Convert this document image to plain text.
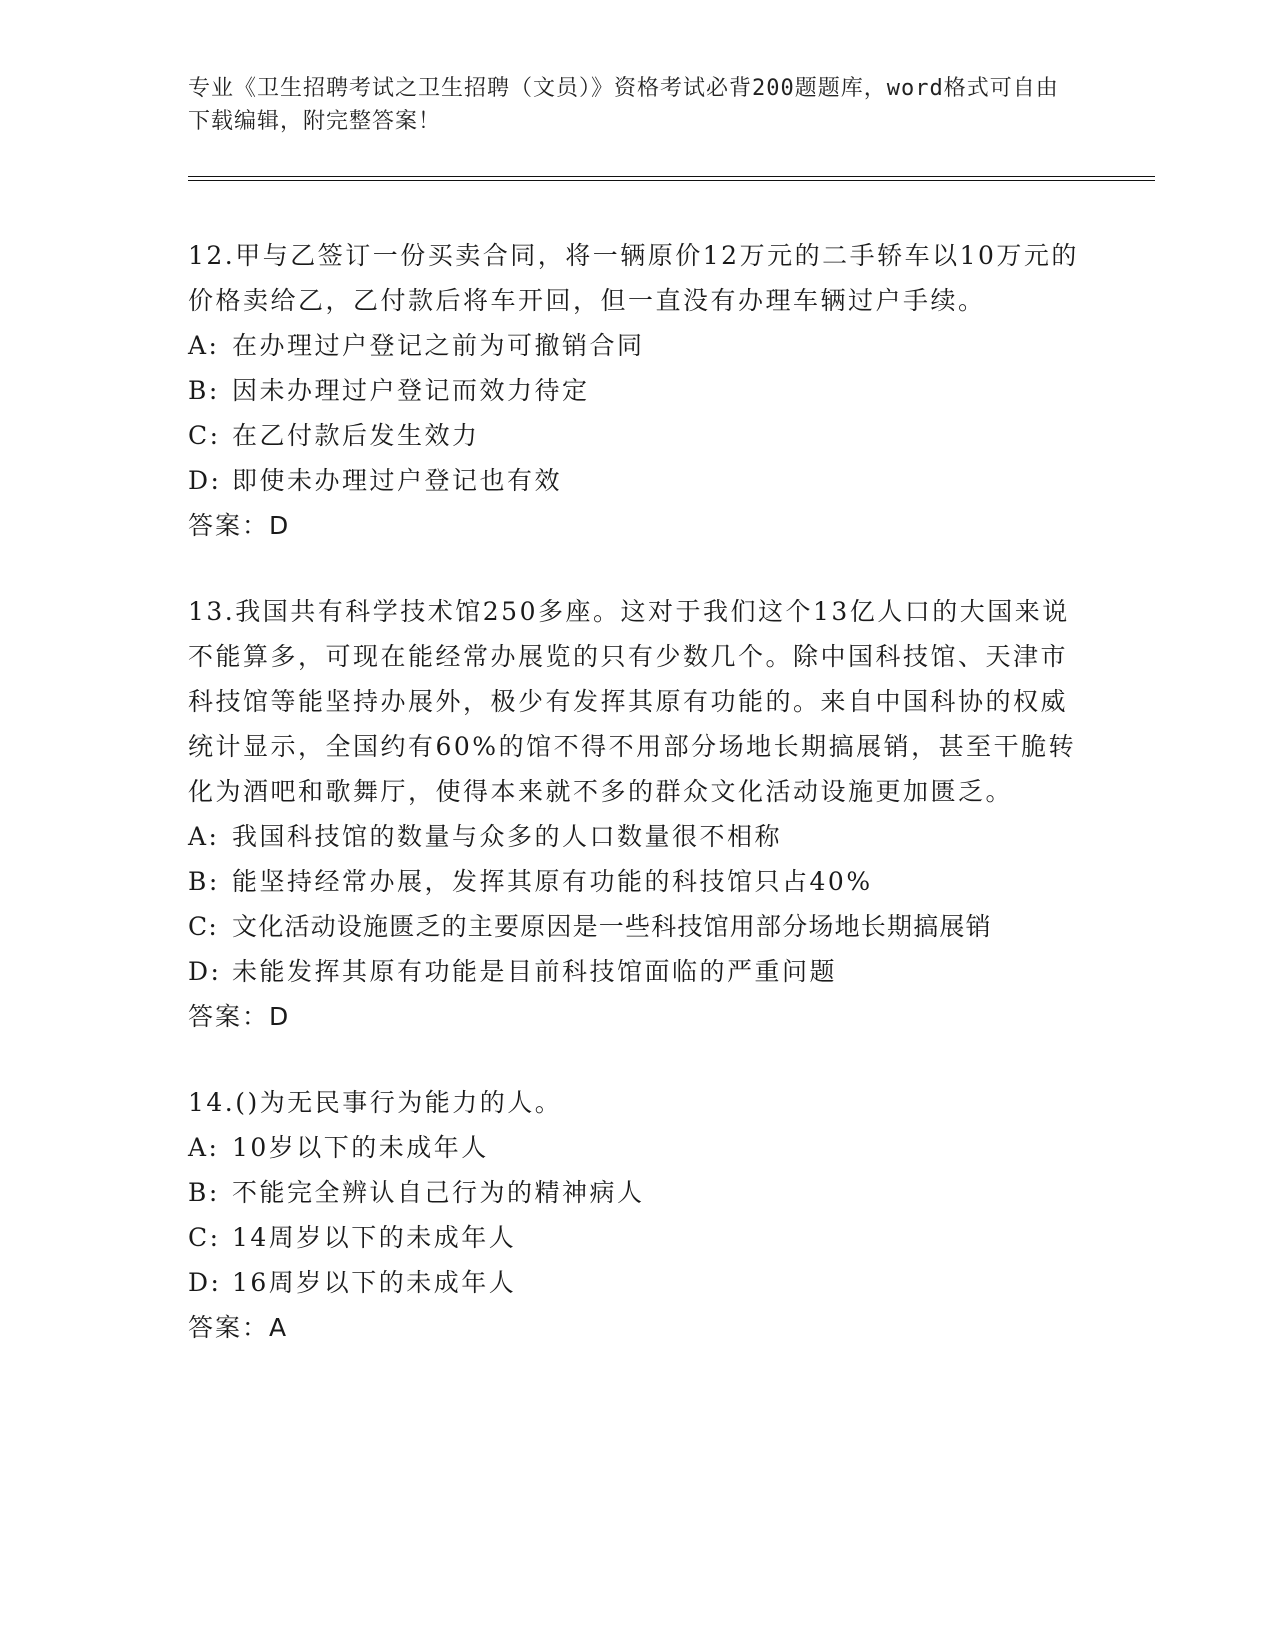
专业《卫生招聘考试之卫生招聘（文员）》资格考试必背200题题库，word格式可自由下载编辑，附完整答案！

12.甲与乙签订一份买卖合同，将一辆原价12万元的二手轿车以10万元的价格卖给乙，乙付款后将车开回，但一直没有办理车辆过户手续。

A: 在办理过户登记之前为可撤销合同

B: 因未办理过户登记而效力待定

C: 在乙付款后发生效力

D: 即使未办理过户登记也有效

答案：D

13.我国共有科学技术馆250多座。这对于我们这个13亿人口的大国来说不能算多，可现在能经常办展览的只有少数几个。除中国科技馆、天津市科技馆等能坚持办展外，极少有发挥其原有功能的。来自中国科协的权威统计显示，全国约有60%的馆不得不用部分场地长期搞展销，甚至干脆转化为酒吧和歌舞厅，使得本来就不多的群众文化活动设施更加匮乏。

A: 我国科技馆的数量与众多的人口数量很不相称

B: 能坚持经常办展，发挥其原有功能的科技馆只占40%

C: 文化活动设施匮乏的主要原因是一些科技馆用部分场地长期搞展销

D: 未能发挥其原有功能是目前科技馆面临的严重问题

答案：D

14.()为无民事行为能力的人。

A: 10岁以下的未成年人

B: 不能完全辨认自己行为的精神病人

C: 14周岁以下的未成年人

D: 16周岁以下的未成年人

答案：A
